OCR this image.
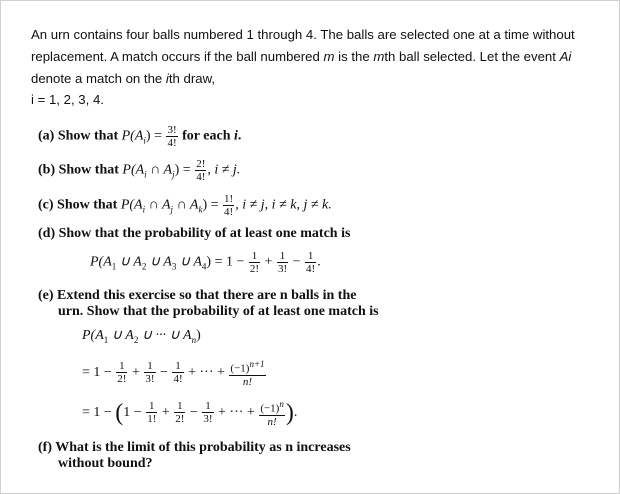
An urn contains four balls numbered 1 through 4. The balls are selected one at a time without
replacement. A match occurs if the ball numbered m is the mth ball selected. Let the event Ai
denote a match on the ith draw,
i = 1, 2, 3, 4.
(a) Show that $P(A_i) = \frac{3!}{4!}$ for each i.
(b) Show that $P(A_i$ ∩ $A_j) = \frac{2!}{4!}$ , i ≠ j.
(c) Show that $P(A_i$ ∩ $A_j$ ∩ $A_k) = \frac{1!}{4!}$ , i ≠ j, i ≠ k, j ≠ k.
(d) Show that the probability of at least one match is
$P(A_1$ ∪ $A_2$ ∪ $A_3$ ∪ $A_4) = 1 - \frac{1}{2!} + \frac{1}{3!} - \frac{1}{4!}$ .
(e) Extend this exercise so that there are n balls in the
urn. Show that the probability of at least one match is
$P(A_1$ ∪ $A_2$ ∪ ··· ∪ $A_n$)
= $1 - \frac{1}{2!} + \frac{1}{3!} - \frac{1}{4!}$ + ··· + $\frac{(-1)^{n+1}}{n!}$
= $1 - (1 - \frac{1}{1!} + \frac{1}{2!} - \frac{1}{3!}$ + ··· + $\frac{(-1)^n}{n!}$ ).
(f) What is the limit of this probability as n increases
without bound?
